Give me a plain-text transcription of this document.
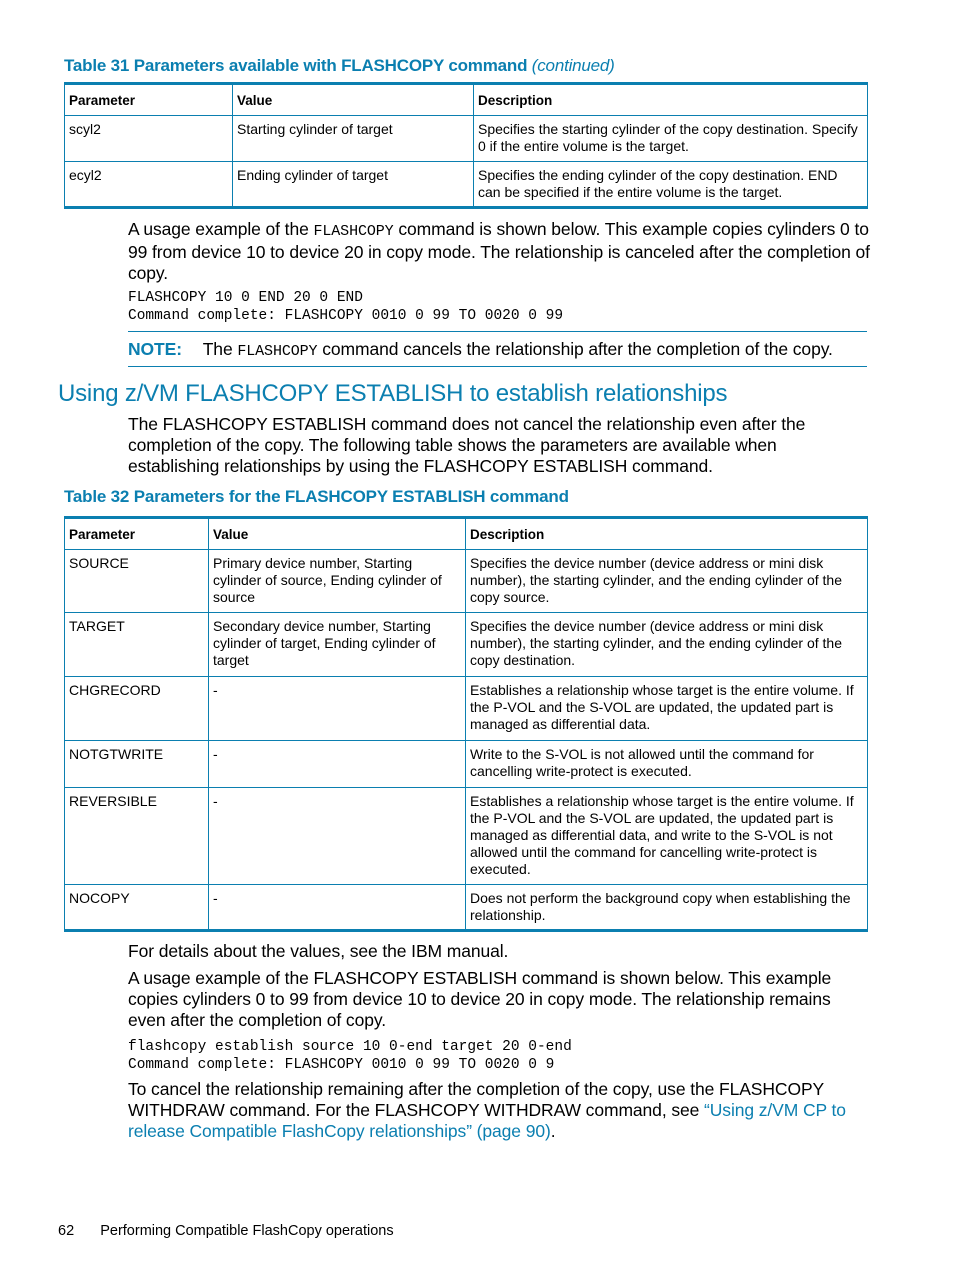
Table 31 Parameters available with FLASHCOPY command (continued)
Parameter	Value	Description
scyl2	Starting cylinder of target	Specifies the starting cylinder of the copy destination. Specify 0 if the entire volume is the target.
ecyl2	Ending cylinder of target	Specifies the ending cylinder of the copy destination. END can be specified if the entire volume is the target.
A usage example of the FLASHCOPY command is shown below. This example copies cylinders 0 to 99 from device 10 to device 20 in copy mode. The relationship is canceled after the completion of copy.
FLASHCOPY 10 0 END 20 0 END
Command complete: FLASHCOPY 0010 0 99 TO 0020 0 99
NOTE: The FLASHCOPY command cancels the relationship after the completion of the copy.
Using z/VM FLASHCOPY ESTABLISH to establish relationships
The FLASHCOPY ESTABLISH command does not cancel the relationship even after the completion of the copy. The following table shows the parameters are available when establishing relationships by using the FLASHCOPY ESTABLISH command.
Table 32 Parameters for the FLASHCOPY ESTABLISH command
Parameter	Value	Description
SOURCE	Primary device number, Starting cylinder of source, Ending cylinder of source	Specifies the device number (device address or mini disk number), the starting cylinder, and the ending cylinder of the copy source.
TARGET	Secondary device number, Starting cylinder of target, Ending cylinder of target	Specifies the device number (device address or mini disk number), the starting cylinder, and the ending cylinder of the copy destination.
CHGRECORD	-	Establishes a relationship whose target is the entire volume. If the P-VOL and the S-VOL are updated, the updated part is managed as differential data.
NOTGTWRITE	-	Write to the S-VOL is not allowed until the command for cancelling write-protect is executed.
REVERSIBLE	-	Establishes a relationship whose target is the entire volume. If the P-VOL and the S-VOL are updated, the updated part is managed as differential data, and write to the S-VOL is not allowed until the command for cancelling write-protect is executed.
NOCOPY	-	Does not perform the background copy when establishing the relationship.
For details about the values, see the IBM manual.
A usage example of the FLASHCOPY ESTABLISH command is shown below. This example copies cylinders 0 to 99 from device 10 to device 20 in copy mode. The relationship remains even after the completion of copy.
flashcopy establish source 10 0-end target 20 0-end
Command complete: FLASHCOPY 0010 0 99 TO 0020 0 9
To cancel the relationship remaining after the completion of the copy, use the FLASHCOPY WITHDRAW command. For the FLASHCOPY WITHDRAW command, see “Using z/VM CP to release Compatible FlashCopy relationships” (page 90).
62 Performing Compatible FlashCopy operations
